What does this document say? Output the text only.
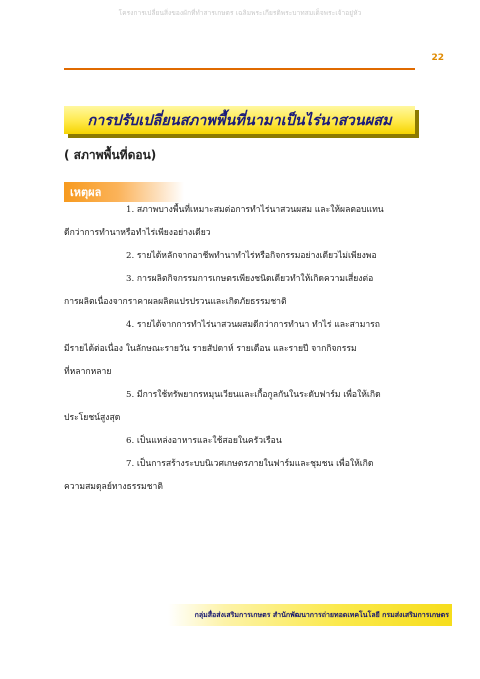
โครงการเปลี่ยนสิ่งของผักที่ทำสารเกษตร เฉลิมพระเกียรติพระบาทสมเด็จพระเจ้าอยู่หัว
22
การปรับเปลี่ยนสภาพพื้นที่นามาเป็นไร่นาสวนผสม
( สภาพพื้นที่ดอน)
เหตุผล
1. สภาพบางพื้นที่เหมาะสมต่อการทำไร่นาสวนผสม และให้ผลตอบแทน
ดีกว่าการทำนาหรือทำไร่เพียงอย่างเดียว
2. รายได้หลักจากอาชีพทำนาทำไร่หรือกิจกรรมอย่างเดียวไม่เพียงพอ
3. การผลิตกิจกรรมการเกษตรเพียงชนิดเดียวทำให้เกิดความเสี่ยงต่อ
การผลิตเนื่องจากราคาผลผลิตแปรปรวนและเกิดภัยธรรมชาติ
4. รายได้จากการทำไร่นาสวนผสมดีกว่าการทำนา ทำไร่ และสามารถ
มีรายได้ต่อเนื่อง ในลักษณะรายวัน รายสัปดาห์ รายเดือน และรายปี จากกิจกรรม
ที่หลากหลาย
5. มีการใช้ทรัพยากรหมุนเวียนและเกื้อกูลกันในระดับฟาร์ม เพื่อให้เกิด
ประโยชน์สูงสุด
6. เป็นแหล่งอาหารและใช้สอยในครัวเรือน
7. เป็นการสร้างระบบนิเวศเกษตรภายในฟาร์มและชุมชน เพื่อให้เกิด
ความสมดุลย์ทางธรรมชาติ
กลุ่มสื่อส่งเสริมการเกษตร สำนักพัฒนาการถ่ายทอดเทคโนโลยี กรมส่งเสริมการเกษตร
